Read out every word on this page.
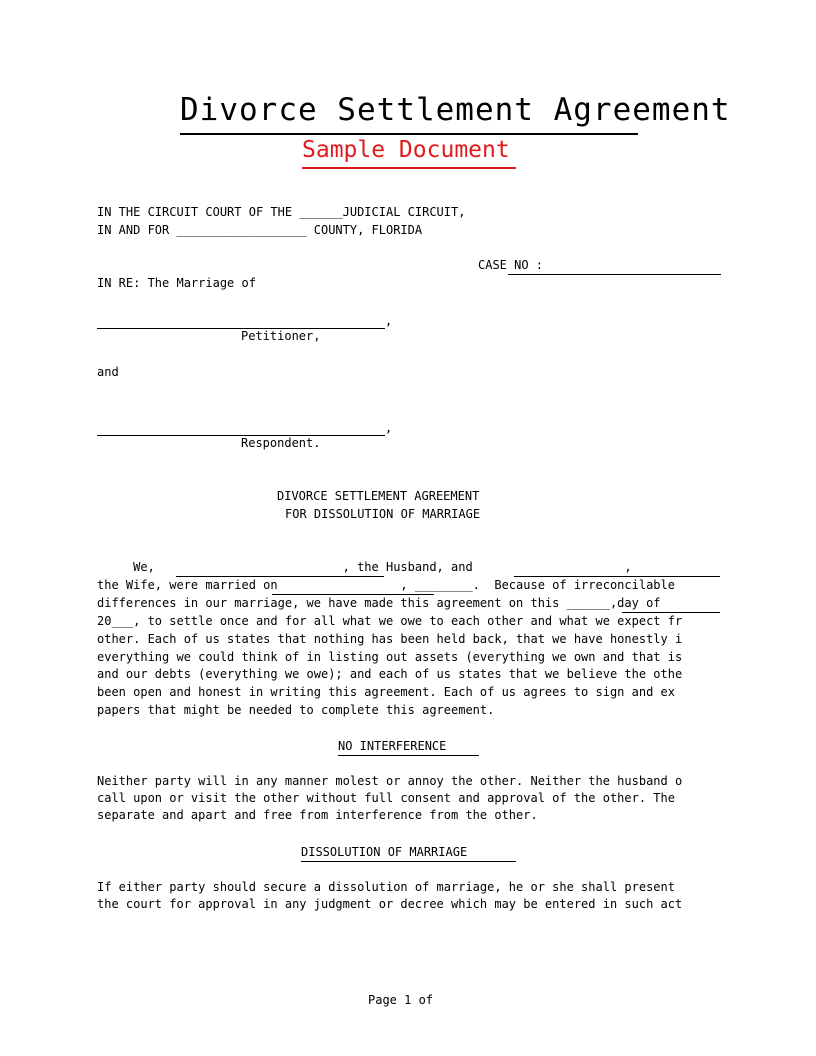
Divorce Settlement Agreement
Sample Document
IN THE CIRCUIT COURT OF THE ______JUDICIAL CIRCUIT,
IN AND FOR __________________ COUNTY, FLORIDA
CASE NO :
IN RE: The Marriage of
,
Petitioner,
and
,
Respondent.
DIVORCE SETTLEMENT AGREEMENT
FOR DISSOLUTION OF MARRIAGE
We,                          , the Husband, and                     ,
the Wife, were married on                 , ________.  Because of irreconcilable
differences in our marriage, we have made this agreement on this ______,day of
20___, to settle once and for all what we owe to each other and what we expect fr
other. Each of us states that nothing has been held back, that we have honestly i
everything we could think of in listing out assets (everything we own and that is
and our debts (everything we owe); and each of us states that we believe the othe
been open and honest in writing this agreement. Each of us agrees to sign and ex
papers that might be needed to complete this agreement.
NO INTERFERENCE
Neither party will in any manner molest or annoy the other. Neither the husband o
call upon or visit the other without full consent and approval of the other. The
separate and apart and free from interference from the other.
DISSOLUTION OF MARRIAGE
If either party should secure a dissolution of marriage, he or she shall present
the court for approval in any judgment or decree which may be entered in such act
Page 1 of
